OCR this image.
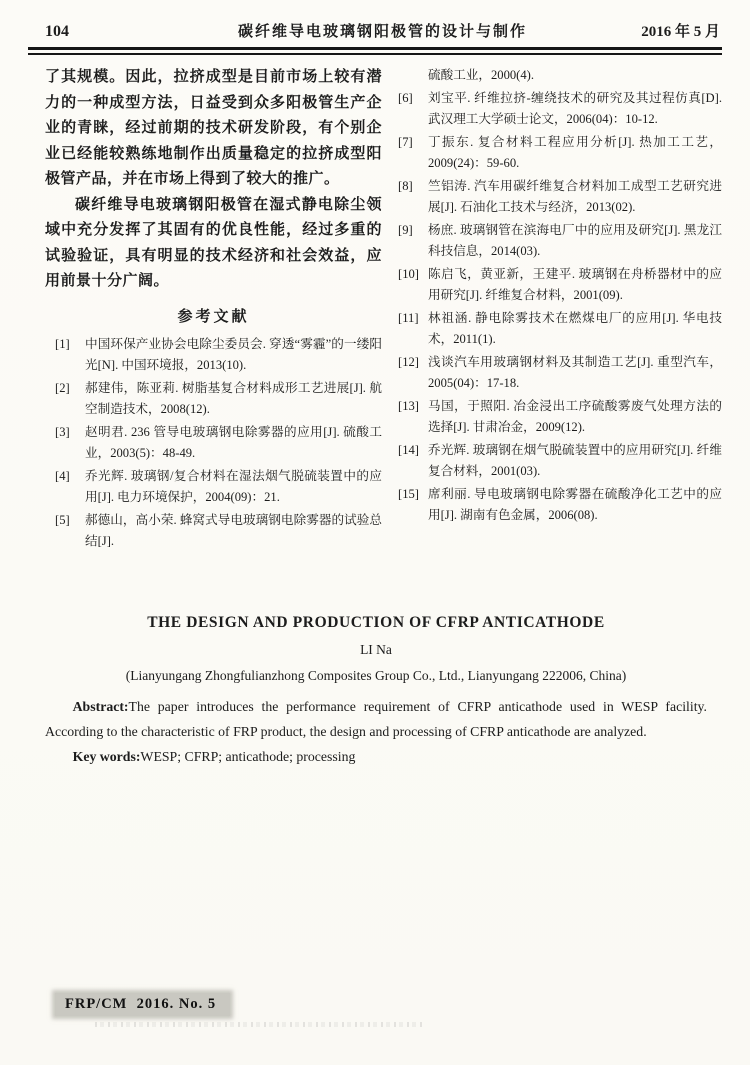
104	碳纤维导电玻璃钢阳极管的设计与制作	2016 年 5 月

了其规模。因此，拉挤成型是目前市场上较有潜力的一种成型方法，日益受到众多阳极管生产企业的青睐，经过前期的技术研发阶段，有个别企业已经能较熟练地制作出质量稳定的拉挤成型阳极管产品，并在市场上得到了较大的推广。

碳纤维导电玻璃钢阳极管在湿式静电除尘领域中充分发挥了其固有的优良性能，经过多重的试验验证，具有明显的技术经济和社会效益，应用前景十分广阔。

参考文献
[1]	中国环保产业协会电除尘委员会. 穿透“雾霾”的一缕阳光[N]. 中国环境报，2013(10).
[2]	郝建伟，陈亚莉. 树脂基复合材料成形工艺进展[J]. 航空制造技术，2008(12).
[3]	赵明君. 236 管导电玻璃钢电除雾器的应用[J]. 硫酸工业，2003(5)：48-49.
[4]	乔光辉. 玻璃钢/复合材料在湿法烟气脱硫装置中的应用[J]. 电力环境保护，2004(09)：21.
[5]	郝德山，高小荣. 蜂窝式导电玻璃钢电除雾器的试验总结[J].
硫酸工业，2000(4).
[6]	刘宝平. 纤维拉挤-缠绕技术的研究及其过程仿真[D]. 武汉理工大学硕士论文，2006(04)：10-12.
[7]	丁振东. 复合材料工程应用分析[J]. 热加工工艺，2009(24)：59-60.
[8]	竺铝涛. 汽车用碳纤维复合材料加工成型工艺研究进展[J]. 石油化工技术与经济，2013(02).
[9]	杨庶. 玻璃钢管在滨海电厂中的应用及研究[J]. 黑龙江科技信息，2014(03).
[10] 陈启飞，黄亚新，王建平. 玻璃钢在舟桥器材中的应用研究[J]. 纤维复合材料，2001(09).
[11] 林祖涵. 静电除雾技术在燃煤电厂的应用[J]. 华电技术，2011(1).
[12] 浅谈汽车用玻璃钢材料及其制造工艺[J]. 重型汽车，2005(04)：17-18.
[13] 马国，于照阳. 冶金浸出工序硫酸雾废气处理方法的选择[J]. 甘肃冶金，2009(12).
[14] 乔光辉. 玻璃钢在烟气脱硫装置中的应用研究[J]. 纤维复合材料，2001(03).
[15] 席利丽. 导电玻璃钢电除雾器在硫酸净化工艺中的应用[J]. 湖南有色金属，2006(08).
THE DESIGN AND PRODUCTION OF CFRP ANTICATHODE
LI Na
(Lianyungang Zhongfulianzhong Composites Group Co., Ltd., Lianyungang 222006, China)

Abstract:The paper introduces the performance requirement of CFRP anticathode used in WESP facility. According to the characteristic of FRP product, the design and processing of CFRP anticathode are analyzed.

Key words:WESP; CFRP; anticathode; processing

FRP/CM  2016. No. 5
